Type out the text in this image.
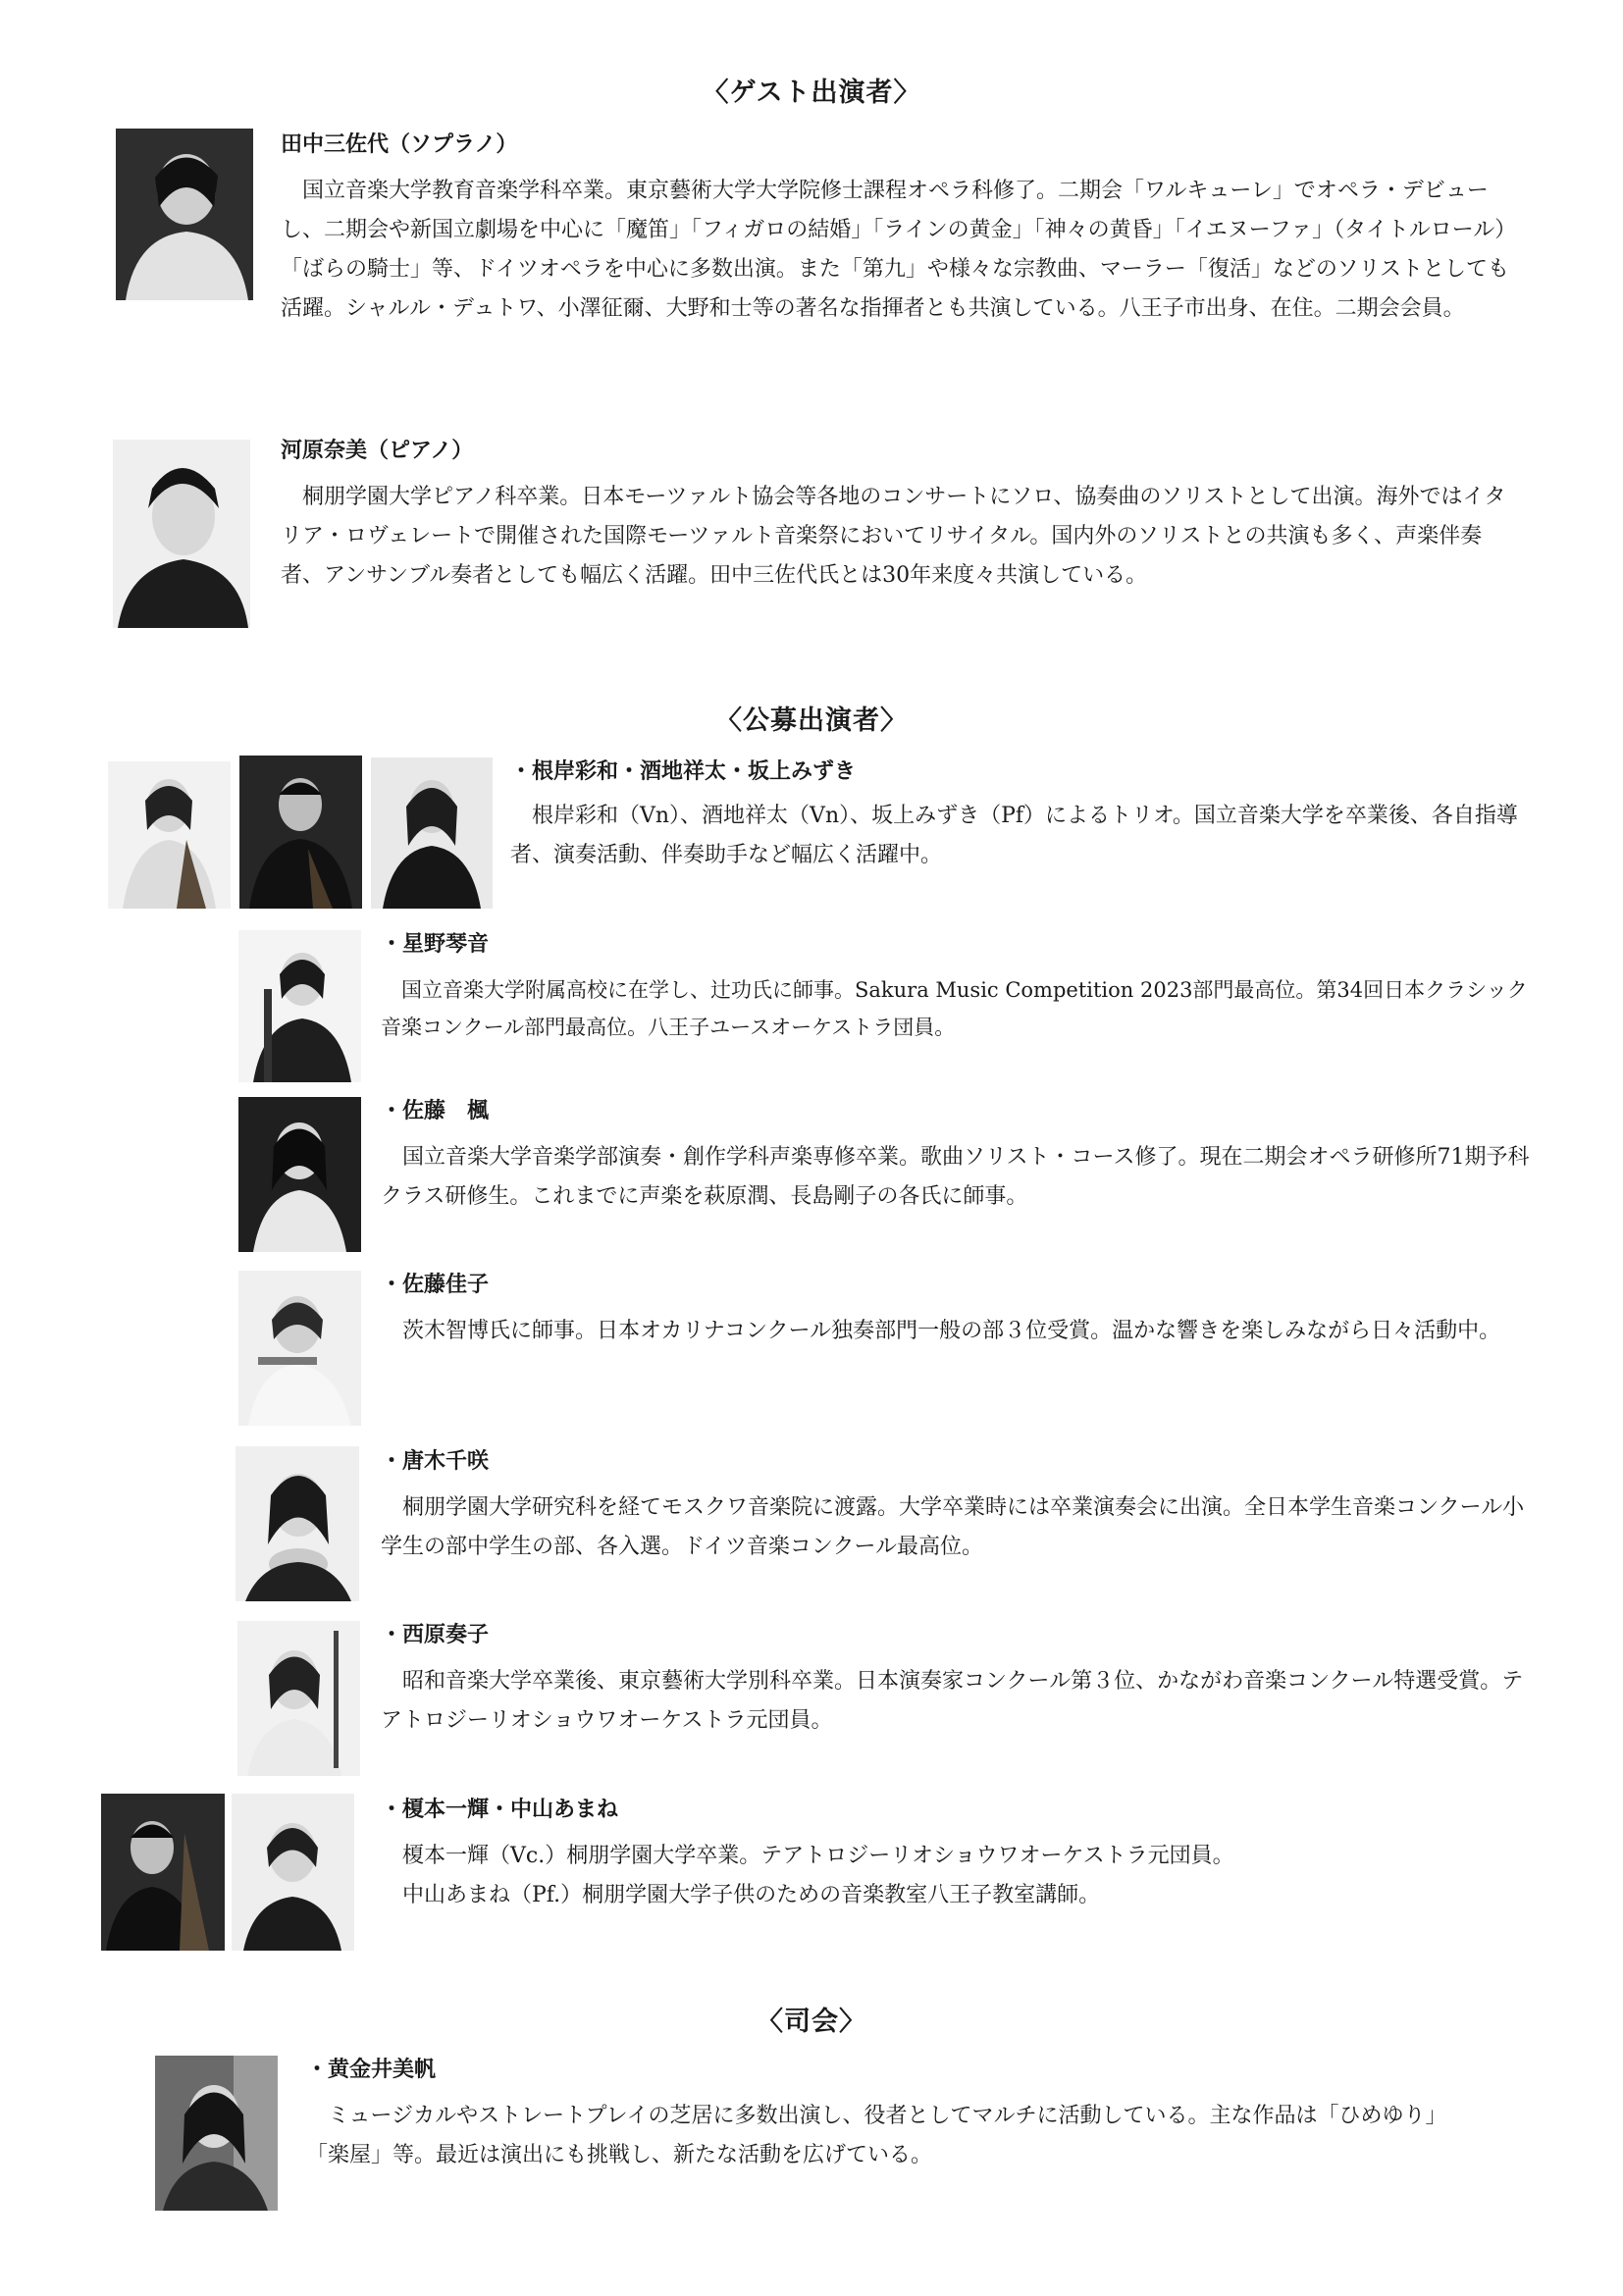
〈ゲスト出演者〉
田中三佐代（ソプラノ）
国立音楽大学教育音楽学科卒業。東京藝術大学大学院修士課程オペラ科修了。二期会「ワルキューレ」でオペラ・デビューし、二期会や新国立劇場を中心に「魔笛」「フィガロの結婚」「ラインの黄金」「神々の黄昏」「イエヌーファ」（タイトルロール）「ばらの騎士」等、ドイツオペラを中心に多数出演。また「第九」や様々な宗教曲、マーラー「復活」などのソリストとしても活躍。シャルル・デュトワ、小澤征爾、大野和士等の著名な指揮者とも共演している。八王子市出身、在住。二期会会員。
河原奈美（ピアノ）
桐朋学園大学ピアノ科卒業。日本モーツァルト協会等各地のコンサートにソロ、協奏曲のソリストとして出演。海外ではイタリア・ロヴェレートで開催された国際モーツァルト音楽祭においてリサイタル。国内外のソリストとの共演も多く、声楽伴奏者、アンサンブル奏者としても幅広く活躍。田中三佐代氏とは30年来度々共演している。
〈公募出演者〉
・根岸彩和・酒地祥太・坂上みずき
根岸彩和（Vn）、酒地祥太（Vn）、坂上みずき（Pf）によるトリオ。国立音楽大学を卒業後、各自指導者、演奏活動、伴奏助手など幅広く活躍中。
・星野琴音
国立音楽大学附属高校に在学し、辻功氏に師事。Sakura Music Competition 2023部門最高位。第34回日本クラシック音楽コンクール部門最高位。八王子ユースオーケストラ団員。
・佐藤　楓
国立音楽大学音楽学部演奏・創作学科声楽専修卒業。歌曲ソリスト・コース修了。現在二期会オペラ研修所71期予科クラス研修生。これまでに声楽を萩原潤、長島剛子の各氏に師事。
・佐藤佳子
茨木智博氏に師事。日本オカリナコンクール独奏部門一般の部３位受賞。温かな響きを楽しみながら日々活動中。
・唐木千咲
桐朋学園大学研究科を経てモスクワ音楽院に渡露。大学卒業時には卒業演奏会に出演。全日本学生音楽コンクール小学生の部中学生の部、各入選。ドイツ音楽コンクール最高位。
・西原奏子
昭和音楽大学卒業後、東京藝術大学別科卒業。日本演奏家コンクール第３位、かながわ音楽コンクール特選受賞。テアトロジーリオショウワオーケストラ元団員。
・榎本一輝・中山あまね

榎本一輝（Vc.）桐朋学園大学卒業。テアトロジーリオショウワオーケストラ元団員。

中山あまね（Pf.）桐朋学園大学子供のための音楽教室八王子教室講師。

〈司会〉
・黄金井美帆
ミュージカルやストレートプレイの芝居に多数出演し、役者としてマルチに活動している。主な作品は「ひめゆり」「楽屋」等。最近は演出にも挑戦し、新たな活動を広げている。
